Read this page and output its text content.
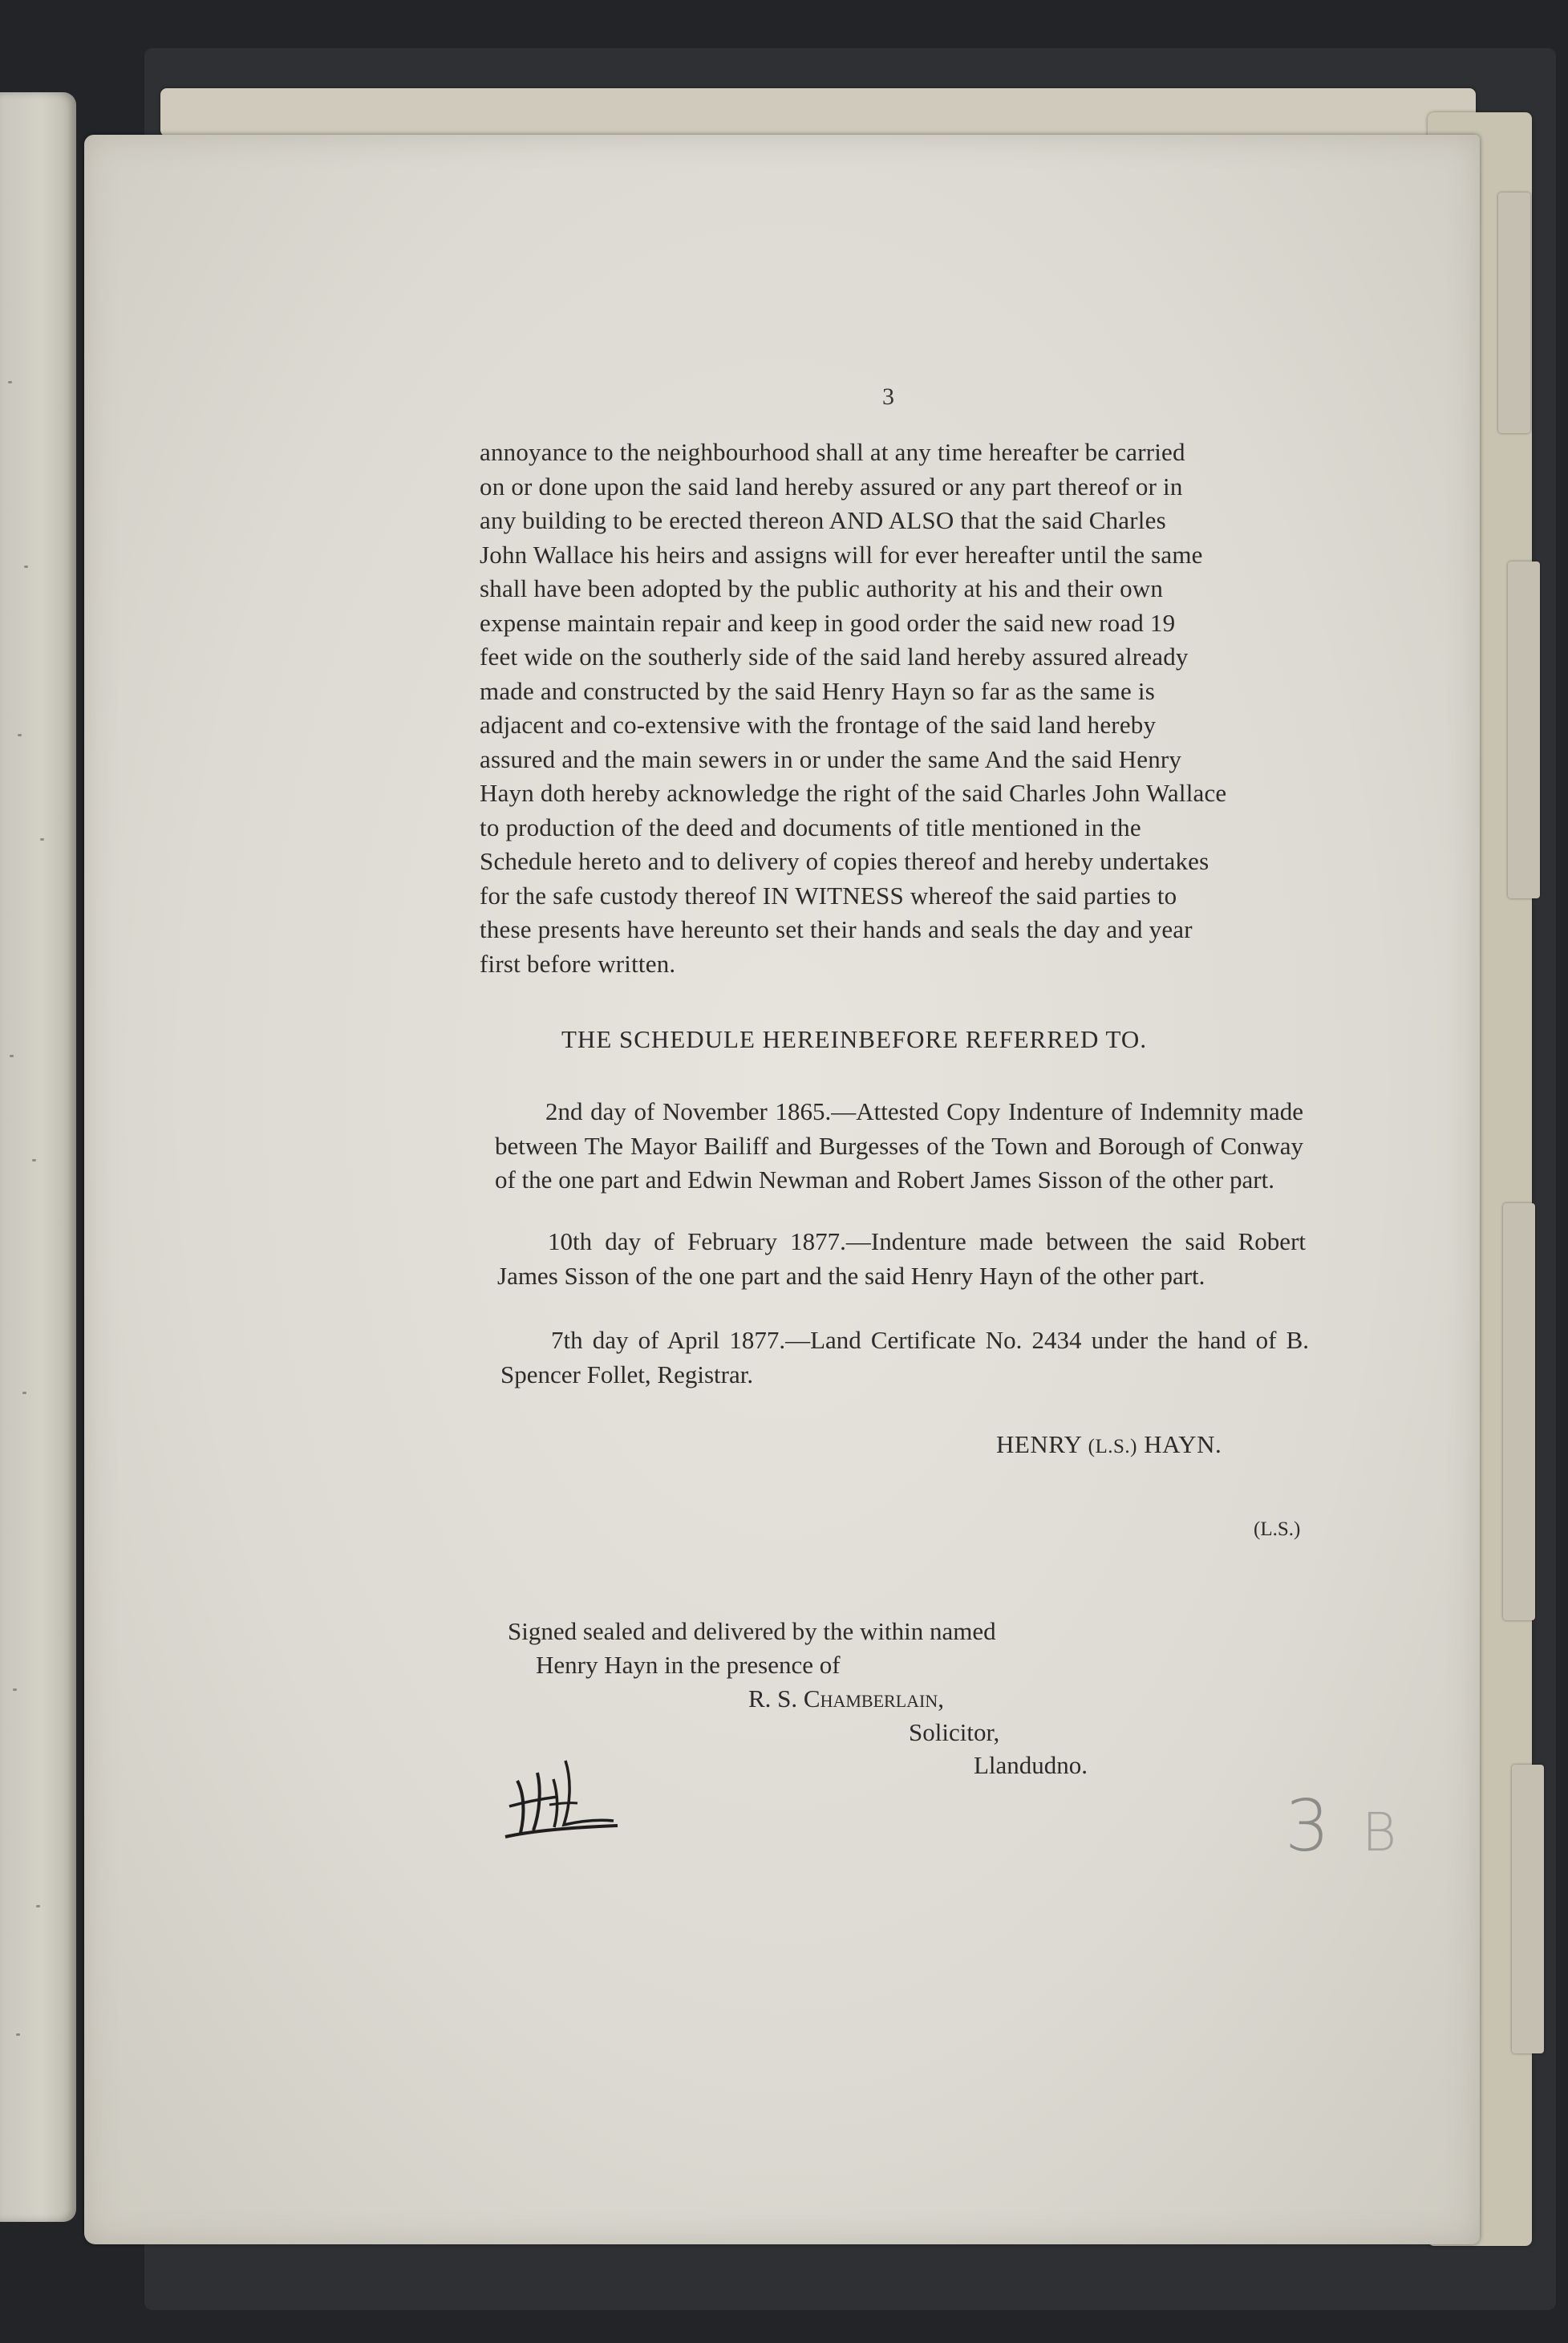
3
annoyance to the neighbourhood shall at any time hereafter be carried
on or done upon the said land hereby assured or any part thereof or in
any building to be erected thereon AND ALSO that the said Charles
John Wallace his heirs and assigns will for ever hereafter until the same
shall have been adopted by the public authority at his and their own
expense maintain repair and keep in good order the said new road 19
feet wide on the southerly side of the said land hereby assured already
made and constructed by the said Henry Hayn so far as the same is
adjacent and co-extensive with the frontage of the said land hereby
assured and the main sewers in or under the same And the said Henry
Hayn doth hereby acknowledge the right of the said Charles John Wallace
to production of the deed and documents of title mentioned in the
Schedule hereto and to delivery of copies thereof and hereby undertakes
for the safe custody thereof IN WITNESS whereof the said parties to
these presents have hereunto set their hands and seals the day and year
first before written.
THE SCHEDULE HEREINBEFORE REFERRED TO.

2nd day of November 1865.—Attested Copy Indenture of Indemnity made between The Mayor Bailiff and Burgesses of the Town and Borough of Conway of the one part and Edwin Newman and Robert James Sisson of the other part.

10th day of February 1877.—Indenture made between the said Robert James Sisson of the one part and the said Henry Hayn of the other part.

7th day of April 1877.—Land Certificate No. 2434 under the hand of B. Spencer Follet, Registrar.

HENRY (L.S.) HAYN.
(L.S.)
Signed sealed and delivered by the within named
Henry Hayn in the presence of
R. S. Chamberlain,
Solicitor,
Llandudno.
3 B
